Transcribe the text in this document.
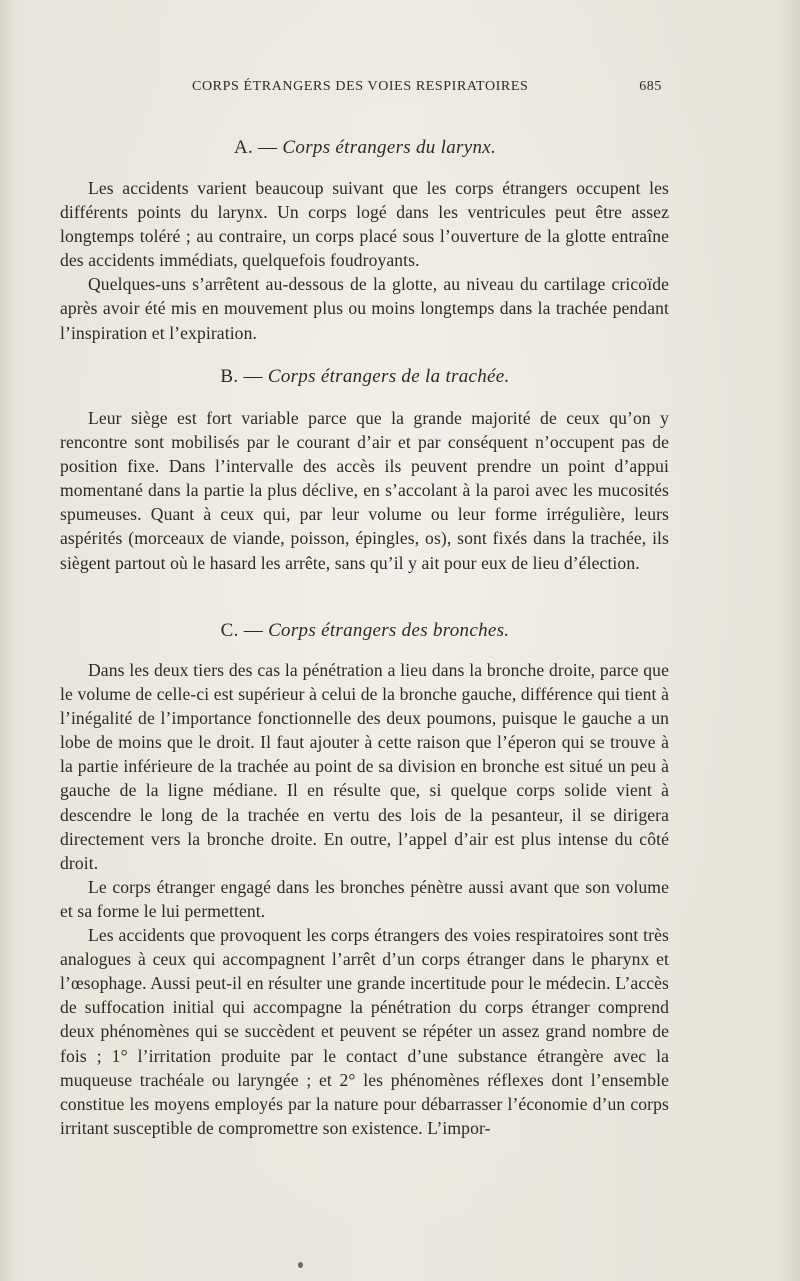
CORPS ÉTRANGERS DES VOIES RESPIRATOIRES	685
A. — Corps étrangers du larynx.

Les accidents varient beaucoup suivant que les corps étrangers occupent les différents points du larynx. Un corps logé dans les ventricules peut être assez longtemps toléré ; au contraire, un corps placé sous l’ouverture de la glotte entraîne des accidents immédiats, quelquefois foudroyants.

Quelques-uns s’arrêtent au-dessous de la glotte, au niveau du cartilage cricoïde après avoir été mis en mouvement plus ou moins longtemps dans la trachée pendant l’inspiration et l’expiration.

B. — Corps étrangers de la trachée.

Leur siège est fort variable parce que la grande majorité de ceux qu’on y rencontre sont mobilisés par le courant d’air et par conséquent n’occupent pas de position fixe. Dans l’intervalle des accès ils peuvent prendre un point d’appui momentané dans la partie la plus déclive, en s’accolant à la paroi avec les mucosités spumeuses. Quant à ceux qui, par leur volume ou leur forme irrégulière, leurs aspérités (morceaux de viande, poisson, épingles, os), sont fixés dans la trachée, ils siègent partout où le hasard les arrête, sans qu’il y ait pour eux de lieu d’élection.

C. — Corps étrangers des bronches.

Dans les deux tiers des cas la pénétration a lieu dans la bronche droite, parce que le volume de celle-ci est supérieur à celui de la bronche gauche, différence qui tient à l’inégalité de l’importance fonctionnelle des deux poumons, puisque le gauche a un lobe de moins que le droit. Il faut ajouter à cette raison que l’éperon qui se trouve à la partie inférieure de la trachée au point de sa division en bronche est situé un peu à gauche de la ligne médiane. Il en résulte que, si quelque corps solide vient à descendre le long de la trachée en vertu des lois de la pesanteur, il se dirigera directement vers la bronche droite. En outre, l’appel d’air est plus intense du côté droit.

Le corps étranger engagé dans les bronches pénètre aussi avant que son volume et sa forme le lui permettent.

Les accidents que provoquent les corps étrangers des voies respiratoires sont très analogues à ceux qui accompagnent l’arrêt d’un corps étranger dans le pharynx et l’œsophage. Aussi peut-il en résulter une grande incertitude pour le médecin. L’accès de suffocation initial qui accompagne la pénétration du corps étranger comprend deux phénomènes qui se succèdent et peuvent se répéter un assez grand nombre de fois ; 1° l’irritation produite par le contact d’une substance étrangère avec la muqueuse trachéale ou laryngée ; et 2° les phénomènes réflexes dont l’ensemble constitue les moyens employés par la nature pour débarrasser l’économie d’un corps irritant susceptible de compromettre son existence. L’impor-
